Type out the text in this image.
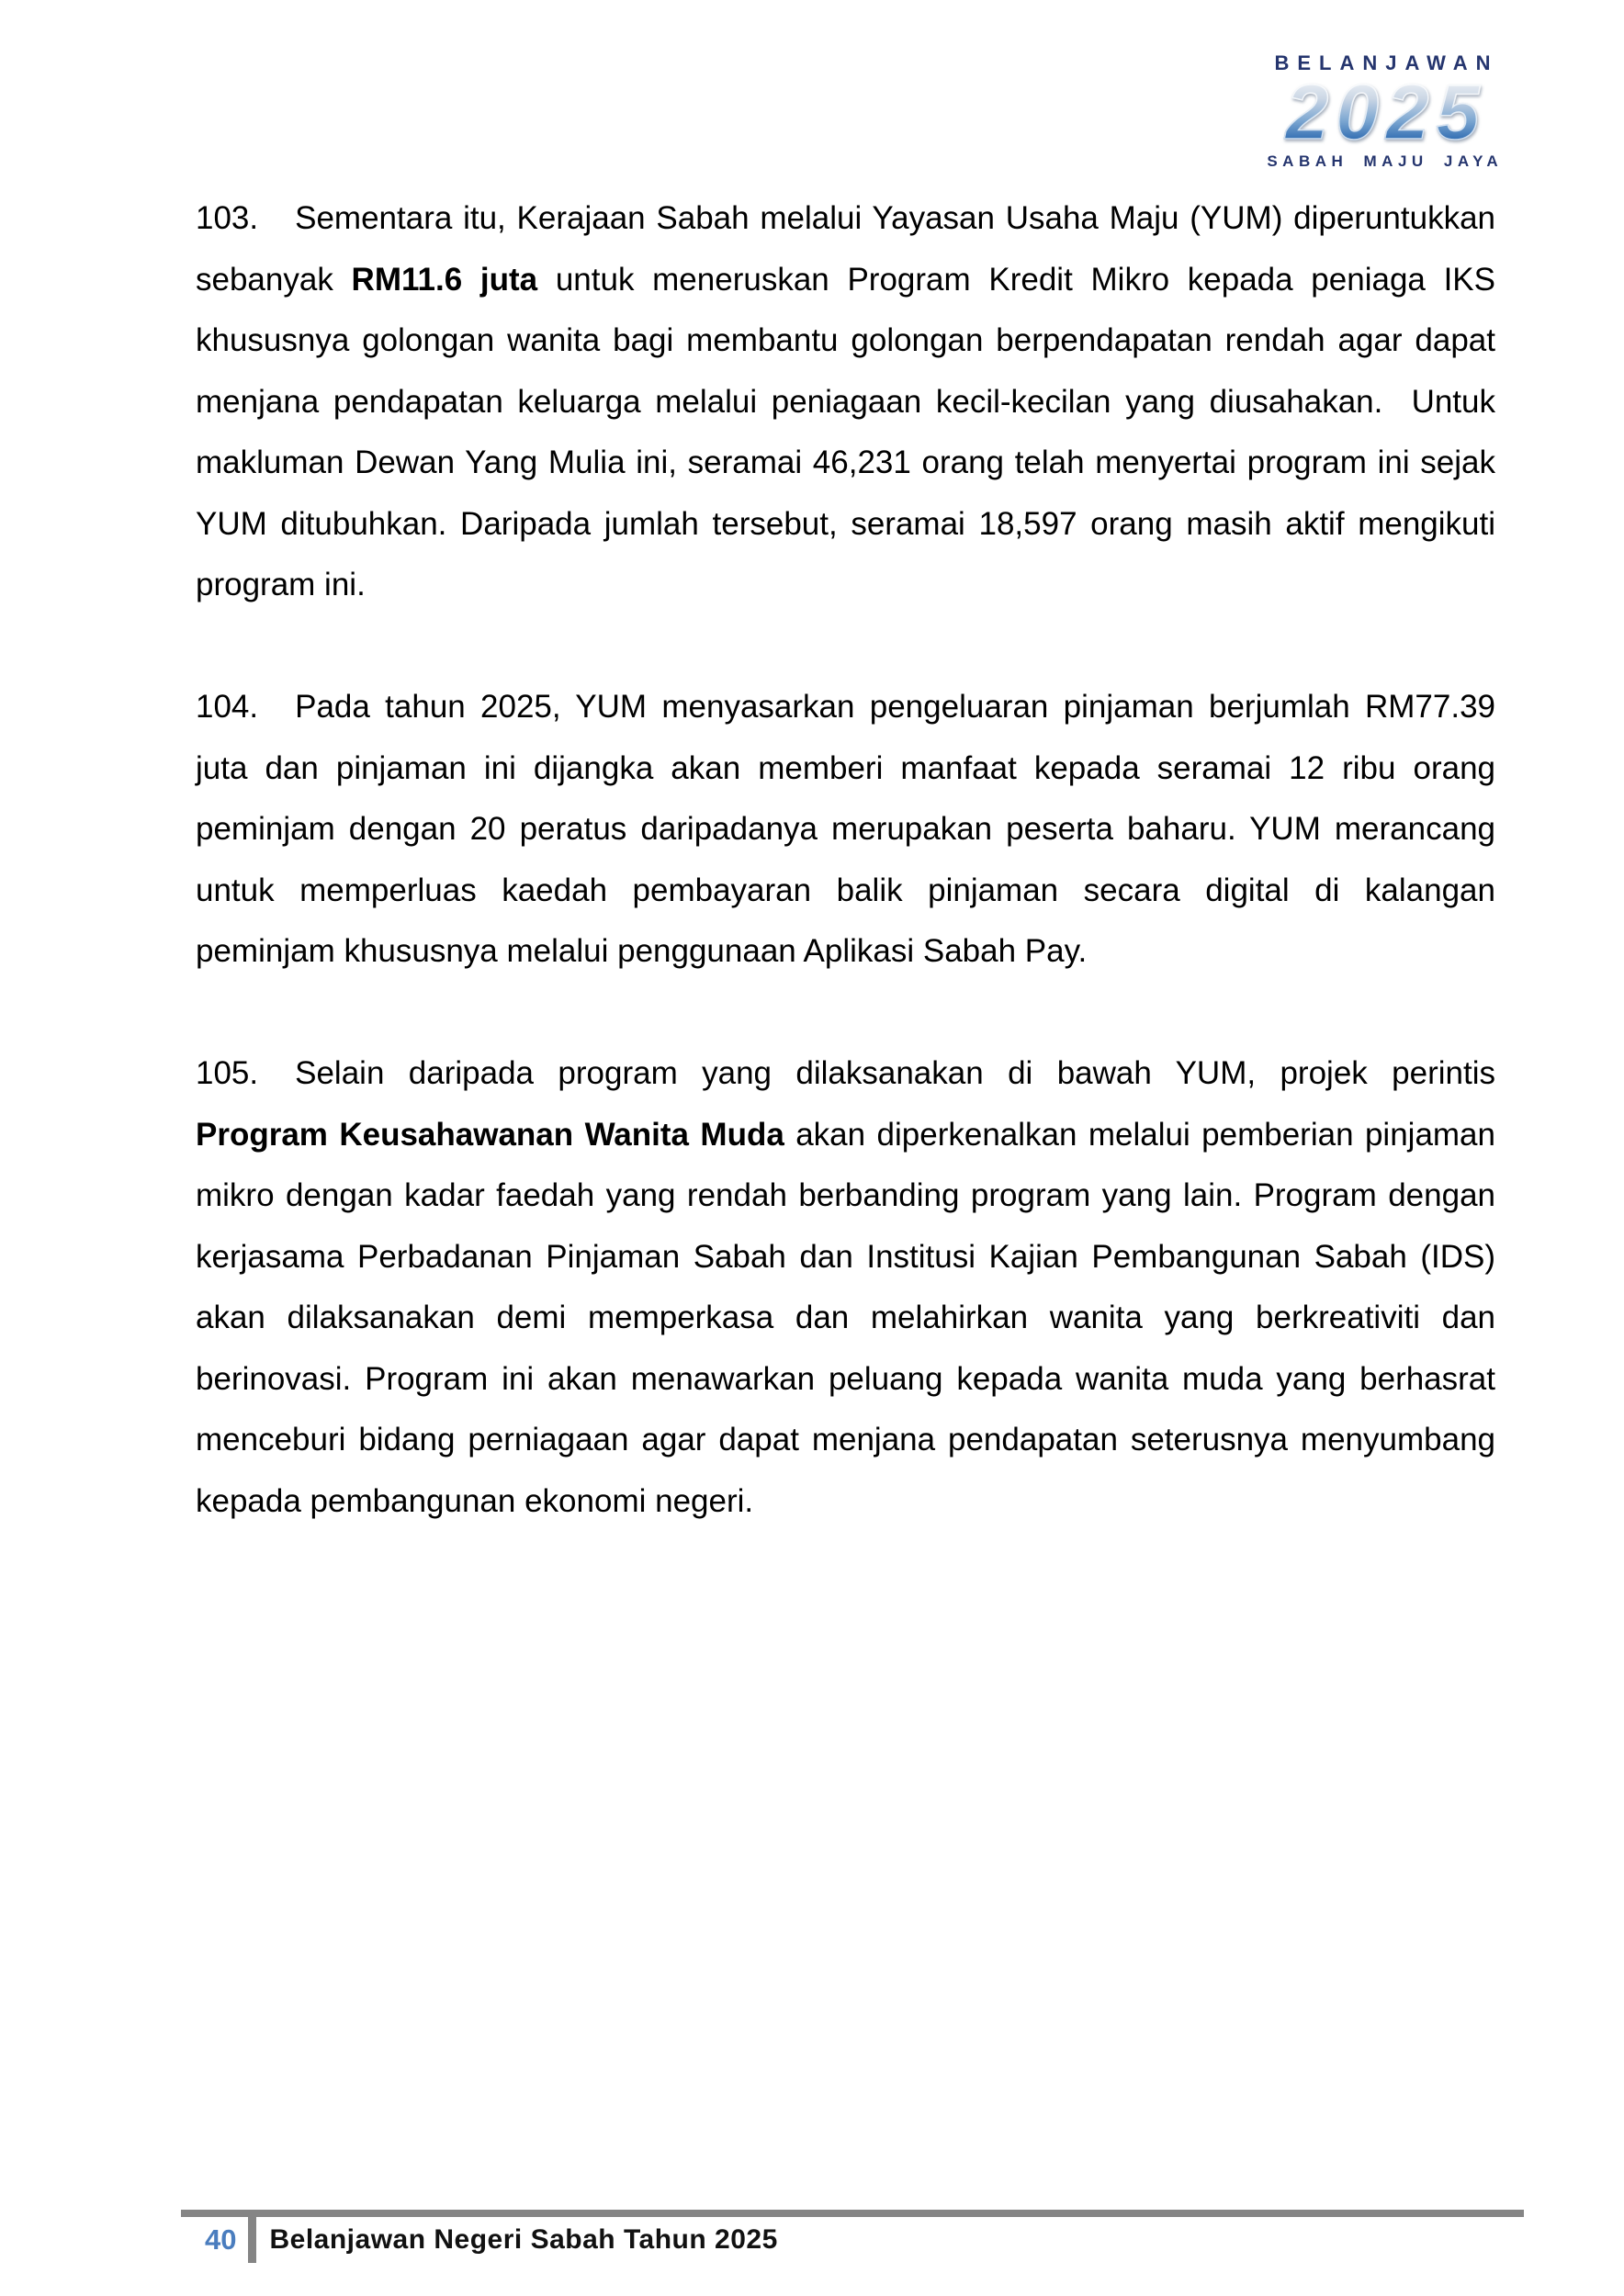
BELANJAWAN
2025
SABAH MAJU JAYA
103. Sementara itu, Kerajaan Sabah melalui Yayasan Usaha Maju (YUM) diperuntukkan sebanyak RM11.6 juta untuk meneruskan Program Kredit Mikro kepada peniaga IKS khususnya golongan wanita bagi membantu golongan berpendapatan rendah agar dapat menjana pendapatan keluarga melalui peniagaan kecil-kecilan yang diusahakan.  Untuk makluman Dewan Yang Mulia ini, seramai 46,231 orang telah menyertai program ini sejak YUM ditubuhkan. Daripada jumlah tersebut, seramai 18,597 orang masih aktif mengikuti program ini.
104. Pada tahun 2025, YUM menyasarkan pengeluaran pinjaman berjumlah RM77.39 juta dan pinjaman ini dijangka akan memberi manfaat kepada seramai 12 ribu orang peminjam dengan 20 peratus daripadanya merupakan peserta baharu. YUM merancang untuk memperluas kaedah pembayaran balik pinjaman secara digital di kalangan peminjam khususnya melalui penggunaan Aplikasi Sabah Pay.
105. Selain daripada program yang dilaksanakan di bawah YUM, projek perintis Program Keusahawanan Wanita Muda akan diperkenalkan melalui pemberian pinjaman mikro dengan kadar faedah yang rendah berbanding program yang lain. Program dengan kerjasama Perbadanan Pinjaman Sabah dan Institusi Kajian Pembangunan Sabah (IDS) akan dilaksanakan demi memperkasa dan melahirkan wanita yang berkreativiti dan berinovasi. Program ini akan menawarkan peluang kepada wanita muda yang berhasrat menceburi bidang perniagaan agar dapat menjana pendapatan seterusnya menyumbang kepada pembangunan ekonomi negeri.
40 Belanjawan Negeri Sabah Tahun 2025
